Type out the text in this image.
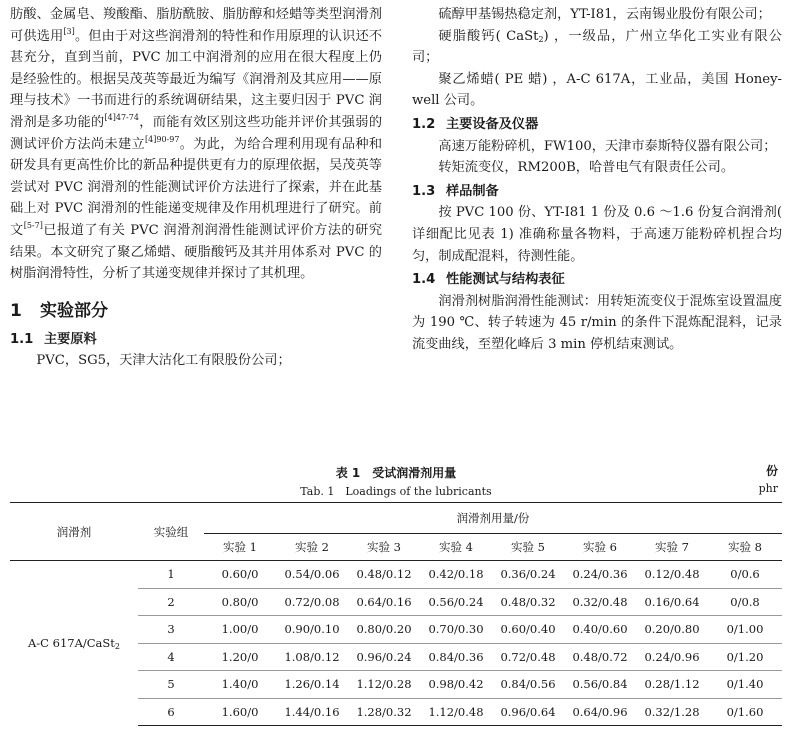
肪酸、金属皂、羧酸酯、脂肪酰胺、脂肪醇和烃蜡等类型润滑剂可供选用[3]。但由于对这些润滑剂的特性和作用原理的认识还不甚充分，直到当前，PVC 加工中润滑剂的应用在很大程度上仍是经验性的。根据吴茂英等最近为编写《润滑剂及其应用——原理与技术》一书而进行的系统调研结果，这主要归因于 PVC 润滑剂是多功能的$^{[4]47-74}$，而能有效区别这些功能并评价其强弱的测试评价方法尚未建立$^{[4]90-97}$。为此，为给合理利用现有品种和研发具有更高性价比的新品种提供更有力的原理依据，吴茂英等尝试对 PVC 润滑剂的性能测试评价方法进行了探索，并在此基础上对 PVC 润滑剂的性能递变规律及作用机理进行了研究。前文[5-7]已报道了有关 PVC 润滑剂润滑性能测试评价方法的研究结果。本文研究了聚乙烯蜡、硬脂酸钙及其并用体系对 PVC 的树脂润滑特性，分析了其递变规律并探讨了其机理。

1 实验部分
1.1 主要原料

PVC，SG5，天津大沽化工有限股份公司；

硫醇甲基锡热稳定剂，YT-I81，云南锡业股份有限公司；

硬脂酸钙( CaSt$_2$) ，一级品，广州立华化工实业有限公司；

聚乙烯蜡( PE 蜡) ，A-C 617A，工业品，美国 Honey-well 公司。

1.2 主要设备及仪器

高速万能粉碎机，FW100，天津市泰斯特仪器有限公司；

转矩流变仪，RM200B，哈普电气有限责任公司。

1.3 样品制备

按 PVC 100 份、YT-I81 1 份及 0.6 ～1.6 份复合润滑剂( 详细配比见表 1) 准确称量各物料，于高速万能粉碎机捏合均匀，制成配混料，待测性能。

1.4 性能测试与结构表征

润滑剂树脂润滑性能测试：用转矩流变仪于混炼室设置温度为 190 ℃、转子转速为 45 r/min 的条件下混炼配混料，记录流变曲线，至塑化峰后 3 min 停机结束测试。

表 1　受试润滑剂用量	份
Tab. 1　Loadings of the lubricants	phr
润滑剂	实验组	润滑剂用量/份							
		实验 1	实验 2	实验 3	实验 4	实验 5	实验 6	实验 7	实验 8
A-C 617A/CaSt$_2$	1	0.60/0	0.54/0.06	0.48/0.12	0.42/0.18	0.36/0.24	0.24/0.36	0.12/0.48	0/0.6
	2	0.80/0	0.72/0.08	0.64/0.16	0.56/0.24	0.48/0.32	0.32/0.48	0.16/0.64	0/0.8
	3	1.00/0	0.90/0.10	0.80/0.20	0.70/0.30	0.60/0.40	0.40/0.60	0.20/0.80	0/1.00
	4	1.20/0	1.08/0.12	0.96/0.24	0.84/0.36	0.72/0.48	0.48/0.72	0.24/0.96	0/1.20
	5	1.40/0	1.26/0.14	1.12/0.28	0.98/0.42	0.84/0.56	0.56/0.84	0.28/1.12	0/1.40
	6	1.60/0	1.44/0.16	1.28/0.32	1.12/0.48	0.96/0.64	0.64/0.96	0.32/1.28	0/1.60
